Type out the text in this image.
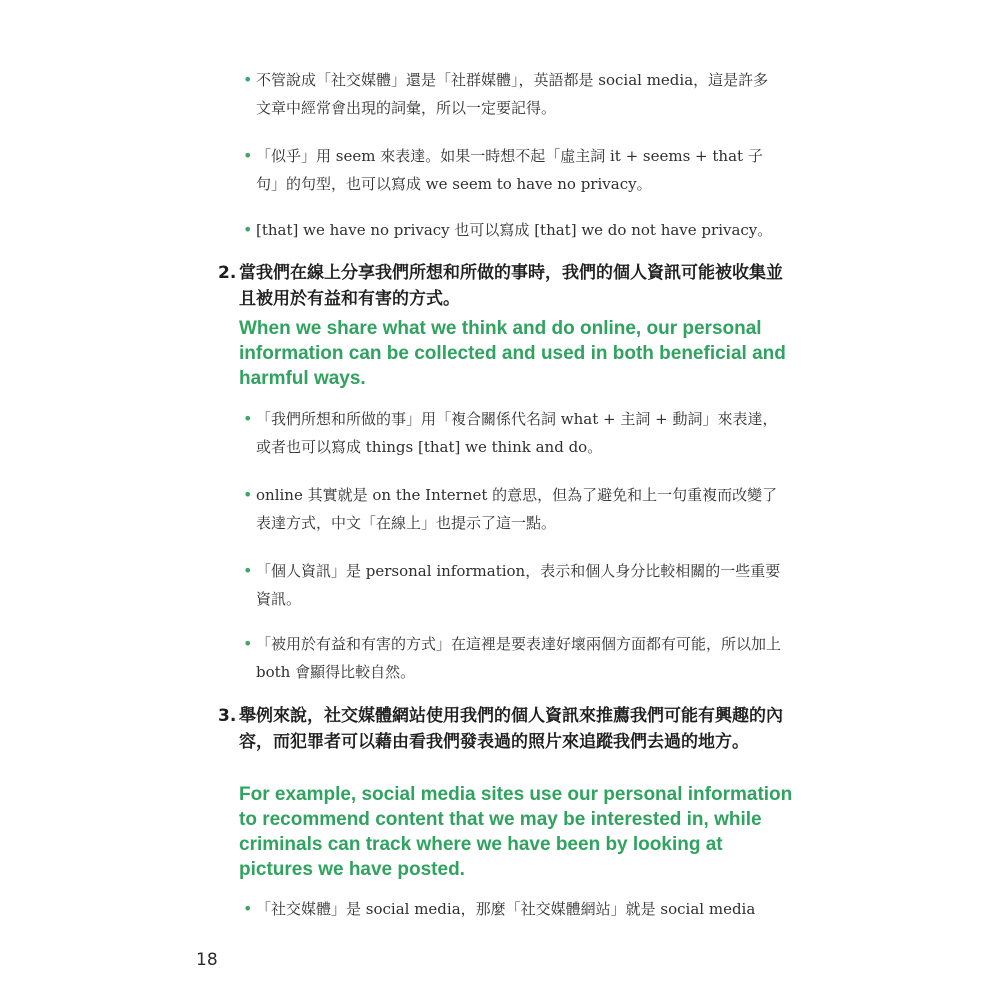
• 不管說成「社交媒體」還是「社群媒體」，英語都是 social media，這是許多文章中經常會出現的詞彙，所以一定要記得。
• 「似乎」用 seem 來表達。如果一時想不起「虛主詞 it + seems + that 子句」的句型，也可以寫成 we seem to have no privacy。
• [that] we have no privacy 也可以寫成 [that] we do not have privacy。
2. 當我們在線上分享我們所想和所做的事時，我們的個人資訊可能被收集並且被用於有益和有害的方式。
When we share what we think and do online, our personal information can be collected and used in both beneficial and harmful ways.
• 「我們所想和所做的事」用「複合關係代名詞 what + 主詞 + 動詞」來表達，或者也可以寫成 things [that] we think and do。
• online 其實就是 on the Internet 的意思，但為了避免和上一句重複而改變了表達方式，中文「在線上」也提示了這一點。
• 「個人資訊」是 personal information，表示和個人身分比較相關的一些重要資訊。
• 「被用於有益和有害的方式」在這裡是要表達好壞兩個方面都有可能，所以加上 both 會顯得比較自然。
3. 舉例來說，社交媒體網站使用我們的個人資訊來推薦我們可能有興趣的內容，而犯罪者可以藉由看我們發表過的照片來追蹤我們去過的地方。
For example, social media sites use our personal information to recommend content that we may be interested in, while criminals can track where we have been by looking at pictures we have posted.
• 「社交媒體」是 social media，那麼「社交媒體網站」就是 social media
18
